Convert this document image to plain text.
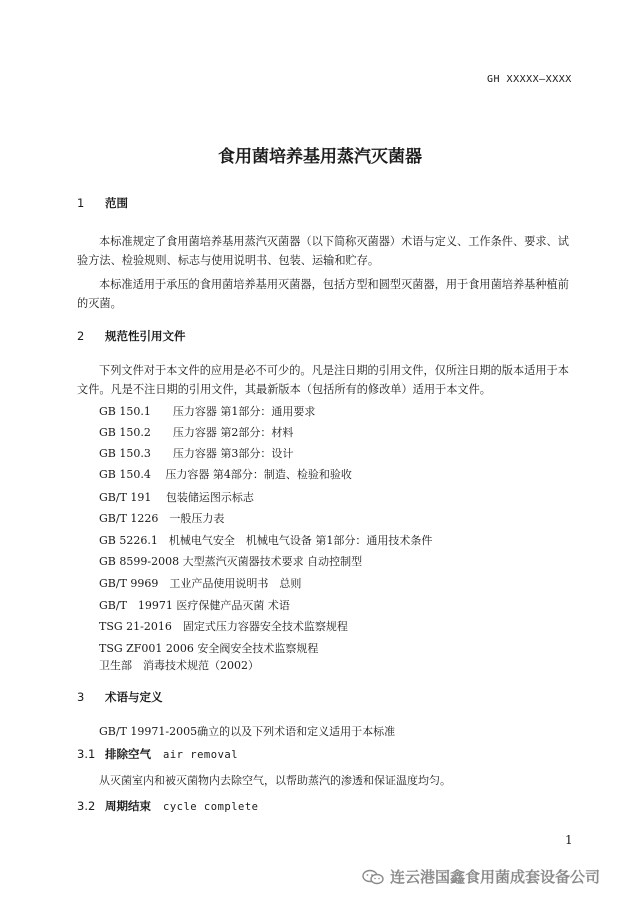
GH XXXXX—XXXX
食用菌培养基用蒸汽灭菌器
1 范围
本标准规定了食用菌培养基用蒸汽灭菌器（以下简称灭菌器）术语与定义、工作条件、要求、试验方法、检验规则、标志与使用说明书、包装、运输和贮存。
本标准适用于承压的食用菌培养基用灭菌器，包括方型和圆型灭菌器，用于食用菌培养基种植前的灭菌。
2 规范性引用文件
下列文件对于本文件的应用是必不可少的。凡是注日期的引用文件，仅所注日期的版本适用于本文件。凡是不注日期的引用文件，其最新版本（包括所有的修改单）适用于本文件。
GB 150.1　　压力容器 第1部分：通用要求
GB 150.2　　压力容器 第2部分：材料
GB 150.3　　压力容器 第3部分：设计
GB 150.4　 压力容器 第4部分：制造、检验和验收
GB/T 191　 包装储运图示标志
GB/T 1226　一般压力表
GB 5226.1　机械电气安全　机械电气设备 第1部分：通用技术条件
GB 8599-2008 大型蒸汽灭菌器技术要求 自动控制型
GB/T 9969　工业产品使用说明书　总则
GB/T　19971 医疗保健产品灭菌 术语
TSG 21-2016　固定式压力容器安全技术监察规程
TSG ZF001 2006 安全阀安全技术监察规程
卫生部　消毒技术规范（2002）
3 术语与定义
GB/T 19971-2005确立的以及下列术语和定义适用于本标准
3.1 排除空气 air removal
从灭菌室内和被灭菌物内去除空气，以帮助蒸汽的渗透和保证温度均匀。
3.2 周期结束 cycle complete
1
连云港国鑫食用菌成套设备公司
